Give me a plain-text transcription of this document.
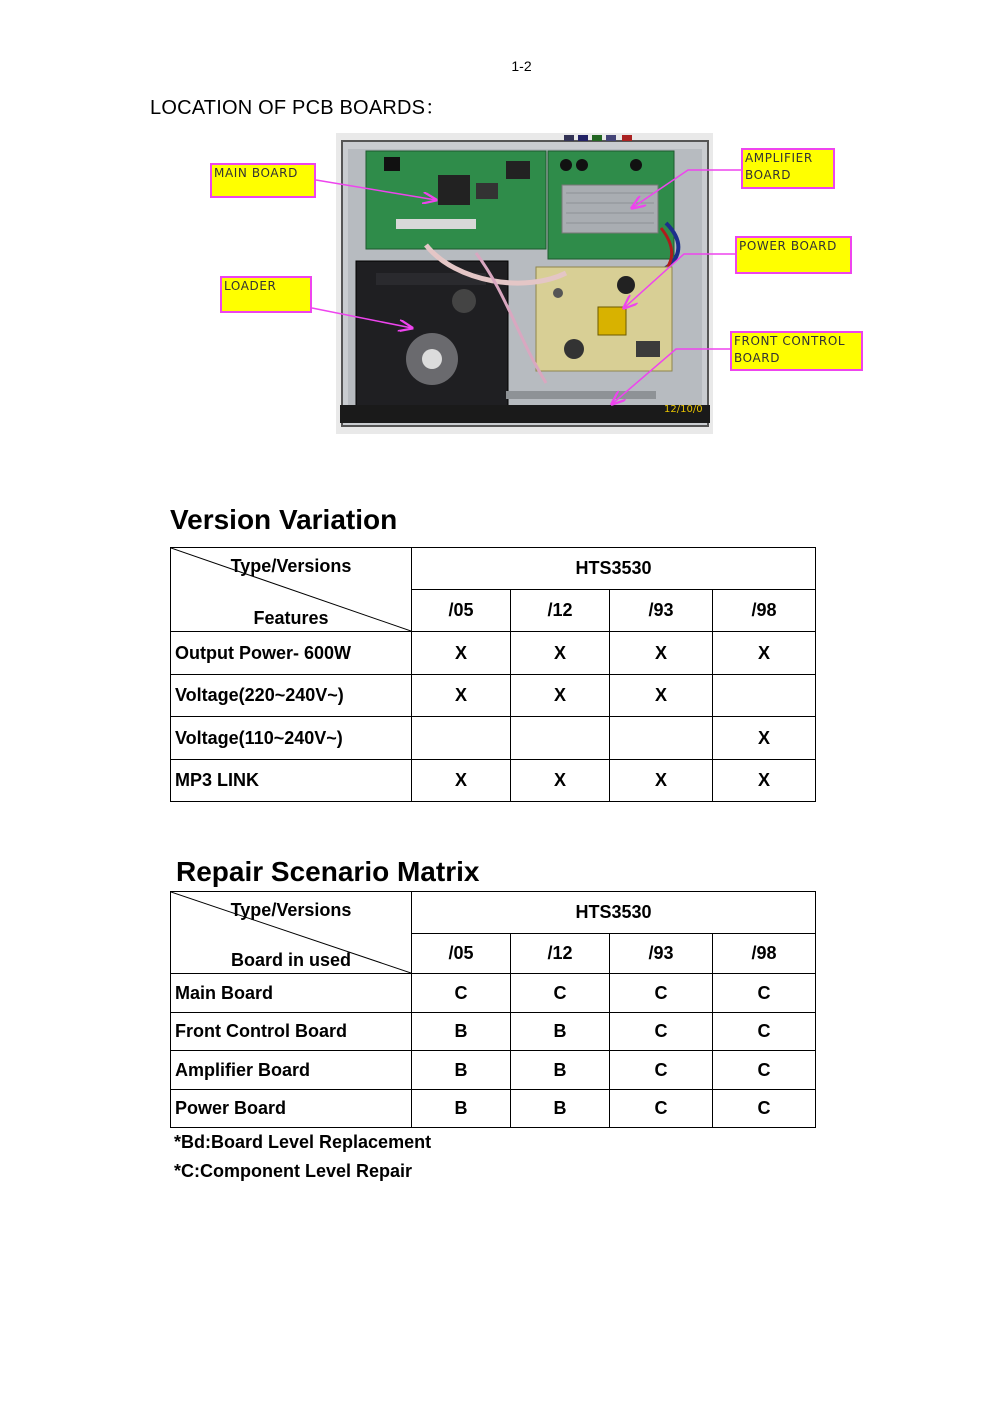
1-2
LOCATION OF PCB BOARDS：
12/10/0
MAIN BOARD
LOADER
AMPLIFIER
BOARD
POWER BOARD
FRONT CONTROL
BOARD
Version Variation
Type/Versions
Features	HTS3530			
	/05	/12	/93	/98
Output Power- 600W	X	X	X	X
Voltage(220~240V~)	X	X	X	
Voltage(110~240V~)				X
MP3 LINK	X	X	X	X
Repair Scenario Matrix
Type/Versions
Board in used	HTS3530			
	/05	/12	/93	/98
Main Board	C	C	C	C
Front Control Board	B	B	C	C
Amplifier Board	B	B	C	C
Power Board	B	B	C	C
*Bd:Board Level Replacement
*C:Component Level Repair
